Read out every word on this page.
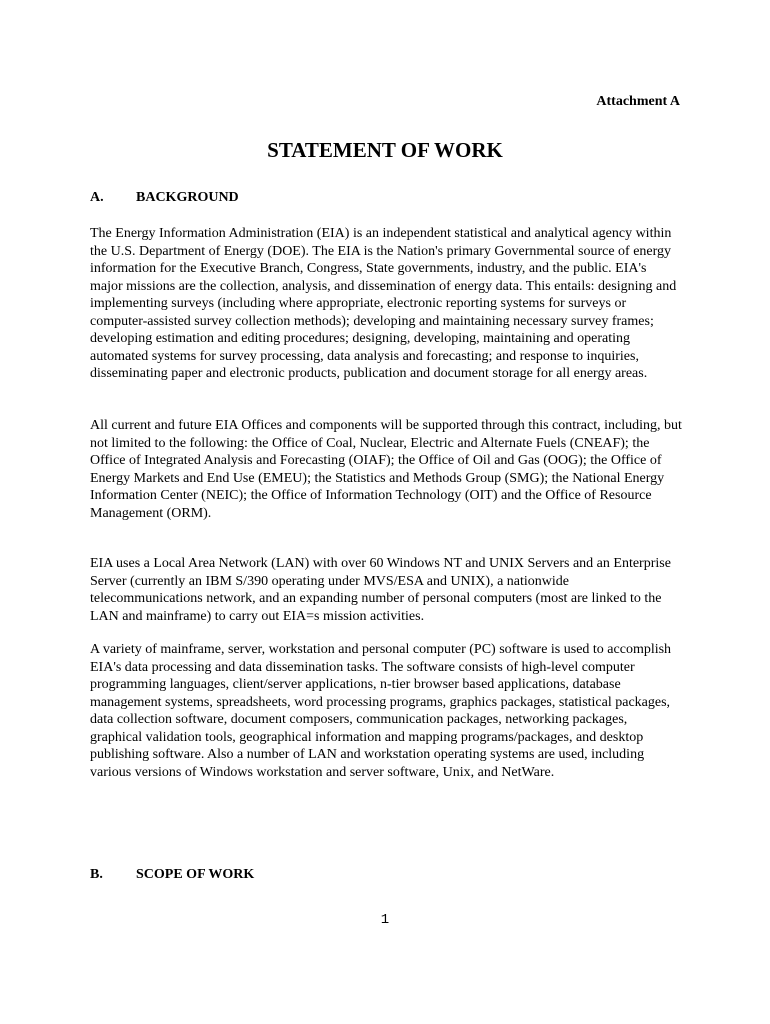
Attachment A
STATEMENT OF WORK
A. BACKGROUND

The Energy Information Administration (EIA) is an independent statistical and analytical agency within the U.S. Department of Energy (DOE). The EIA is the Nation's primary Governmental source of energy information for the Executive Branch, Congress, State governments, industry, and the public. EIA's major missions are the collection, analysis, and dissemination of energy data. This entails: designing and implementing surveys (including where appropriate, electronic reporting systems for surveys or computer-assisted survey collection methods); developing and maintaining necessary survey frames; developing estimation and editing procedures; designing, developing, maintaining and operating automated systems for survey processing, data analysis and forecasting; and response to inquiries, disseminating paper and electronic products, publication and document storage for all energy areas.

All current and future EIA Offices and components will be supported through this contract, including, but not limited to the following: the Office of Coal, Nuclear, Electric and Alternate Fuels (CNEAF); the Office of Integrated Analysis and Forecasting (OIAF); the Office of Oil and Gas (OOG); the Office of Energy Markets and End Use (EMEU); the Statistics and Methods Group (SMG); the National Energy Information Center (NEIC); the Office of Information Technology (OIT) and the Office of Resource Management (ORM).

EIA uses a Local Area Network (LAN) with over 60 Windows NT and UNIX Servers and an Enterprise Server (currently an IBM S/390 operating under MVS/ESA and UNIX), a nationwide telecommunications network, and an expanding number of personal computers (most are linked to the LAN and mainframe) to carry out EIA=s mission activities.

A variety of mainframe, server, workstation and personal computer (PC) software is used to accomplish EIA's data processing and data dissemination tasks. The software consists of high-level computer programming languages, client/server applications, n-tier browser based applications, database management systems, spreadsheets, word processing programs, graphics packages, statistical packages, data collection software, document composers, communication packages, networking packages, graphical validation tools, geographical information and mapping programs/packages, and desktop publishing software. Also a number of LAN and workstation operating systems are used, including various versions of Windows workstation and server software, Unix, and NetWare.

B. SCOPE OF WORK
1
